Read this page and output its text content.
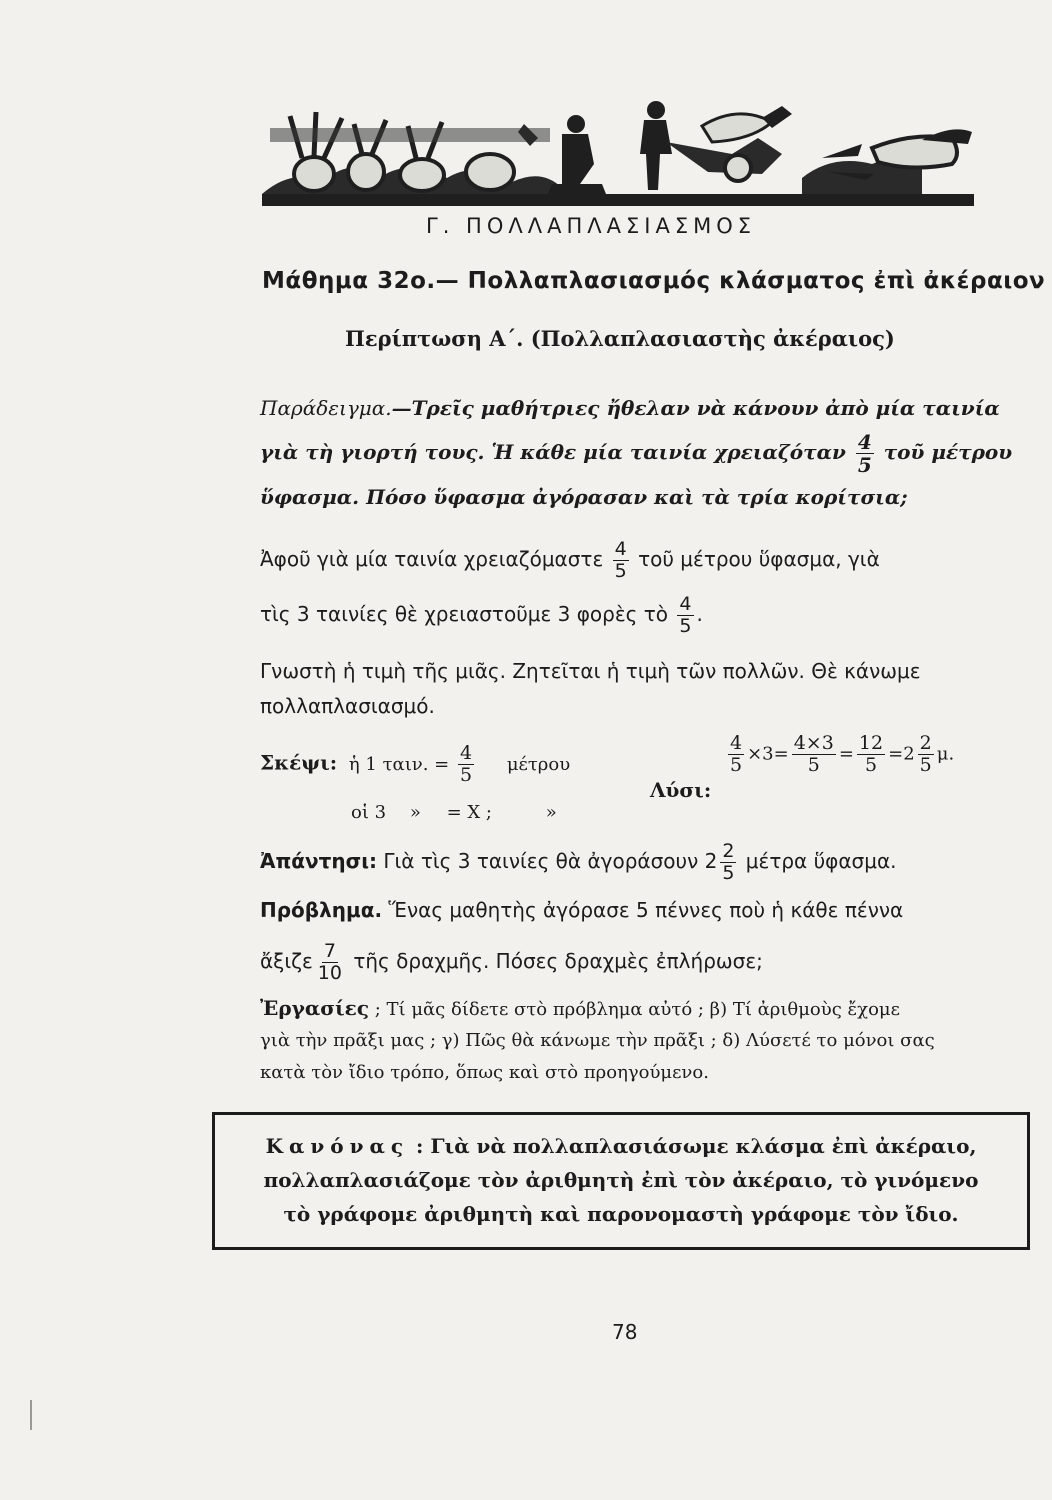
Γ. ΠΟΛΛΑΠΛΑΣΙΑΣΜΟΣ
Μάθημα 32ο.— Πολλαπλασιασμός κλάσματος ἐπὶ ἀκέραιον
Περίπτωση Α΄. (Πολλαπλασιαστὴς ἀκέραιος)
Παράδειγμα.—Τρεῖς μαθήτριες ἤθελαν νὰ κάνουν ἀπὸ μία ταινία
γιὰ τὴ γιορτή τους. Ἡ κάθε μία ταινία χρειαζόταν $\frac{4}{5}$ τοῦ μέτρου
ὕφασμα. Πόσο ὕφασμα ἀγόρασαν καὶ τὰ τρία κορίτσια;
Ἀφοῦ γιὰ μία ταινία χρειαζόμαστε $\frac{4}{5}$ τοῦ μέτρου ὕφασμα, γιὰ
τὶς 3 ταινίες θὲ χρειαστοῦμε 3 φορὲς τὸ $\frac{4}{5}$ .
Γνωστὴ ἡ τιμὴ τῆς μιᾶς. Ζητεῖται ἡ τιμὴ τῶν πολλῶν. Θὲ κάνωμε
πολλαπλασιασμό.
Σκέψι: ἡ 1 ταιν. = $\frac{4}{5}$ μέτρου
οἱ 3 » = Χ ;	»
Λύσι:
$\frac{4}{5} \times 3= \frac{4\times 3}{5} = \frac{12}{5} =2 \frac{2}{5} \mu$.
Ἀπάντησι: Γιὰ τὶς 3 ταινίες θὰ ἀγοράσουν $2 \frac{2}{5}$ μέτρα ὕφασμα.
Πρόβλημα. Ἕνας μαθητὴς ἀγόρασε 5 πέννες ποὺ ἡ κάθε πέννα
ἄξιζε $\frac{7}{10}$ τῆς δραχμῆς. Πόσες δραχμὲς ἐπλήρωσε;
Ἐργασίες ; Τί μᾶς δίδετε στὸ πρόβλημα αὐτό ; β) Τί ἀριθμοὺς ἔχομε
γιὰ τὴν πρᾶξι μας ; γ) Πῶς θὰ κάνωμε τὴν πρᾶξι ; δ) Λύσετέ το μόνοι σας
κατὰ τὸν ἴδιο τρόπο, ὅπως καὶ στὸ προηγούμενο.
Κανόνας : Γιὰ νὰ πολλαπλασιάσωμε κλάσμα ἐπὶ ἀκέραιο,
πολλαπλασιάζομε τὸν ἀριθμητὴ ἐπὶ τὸν ἀκέραιο, τὸ γινόμενο
τὸ γράφομε ἀριθμητὴ καὶ παρονομαστὴ γράφομε τὸν ἴδιο.
78
